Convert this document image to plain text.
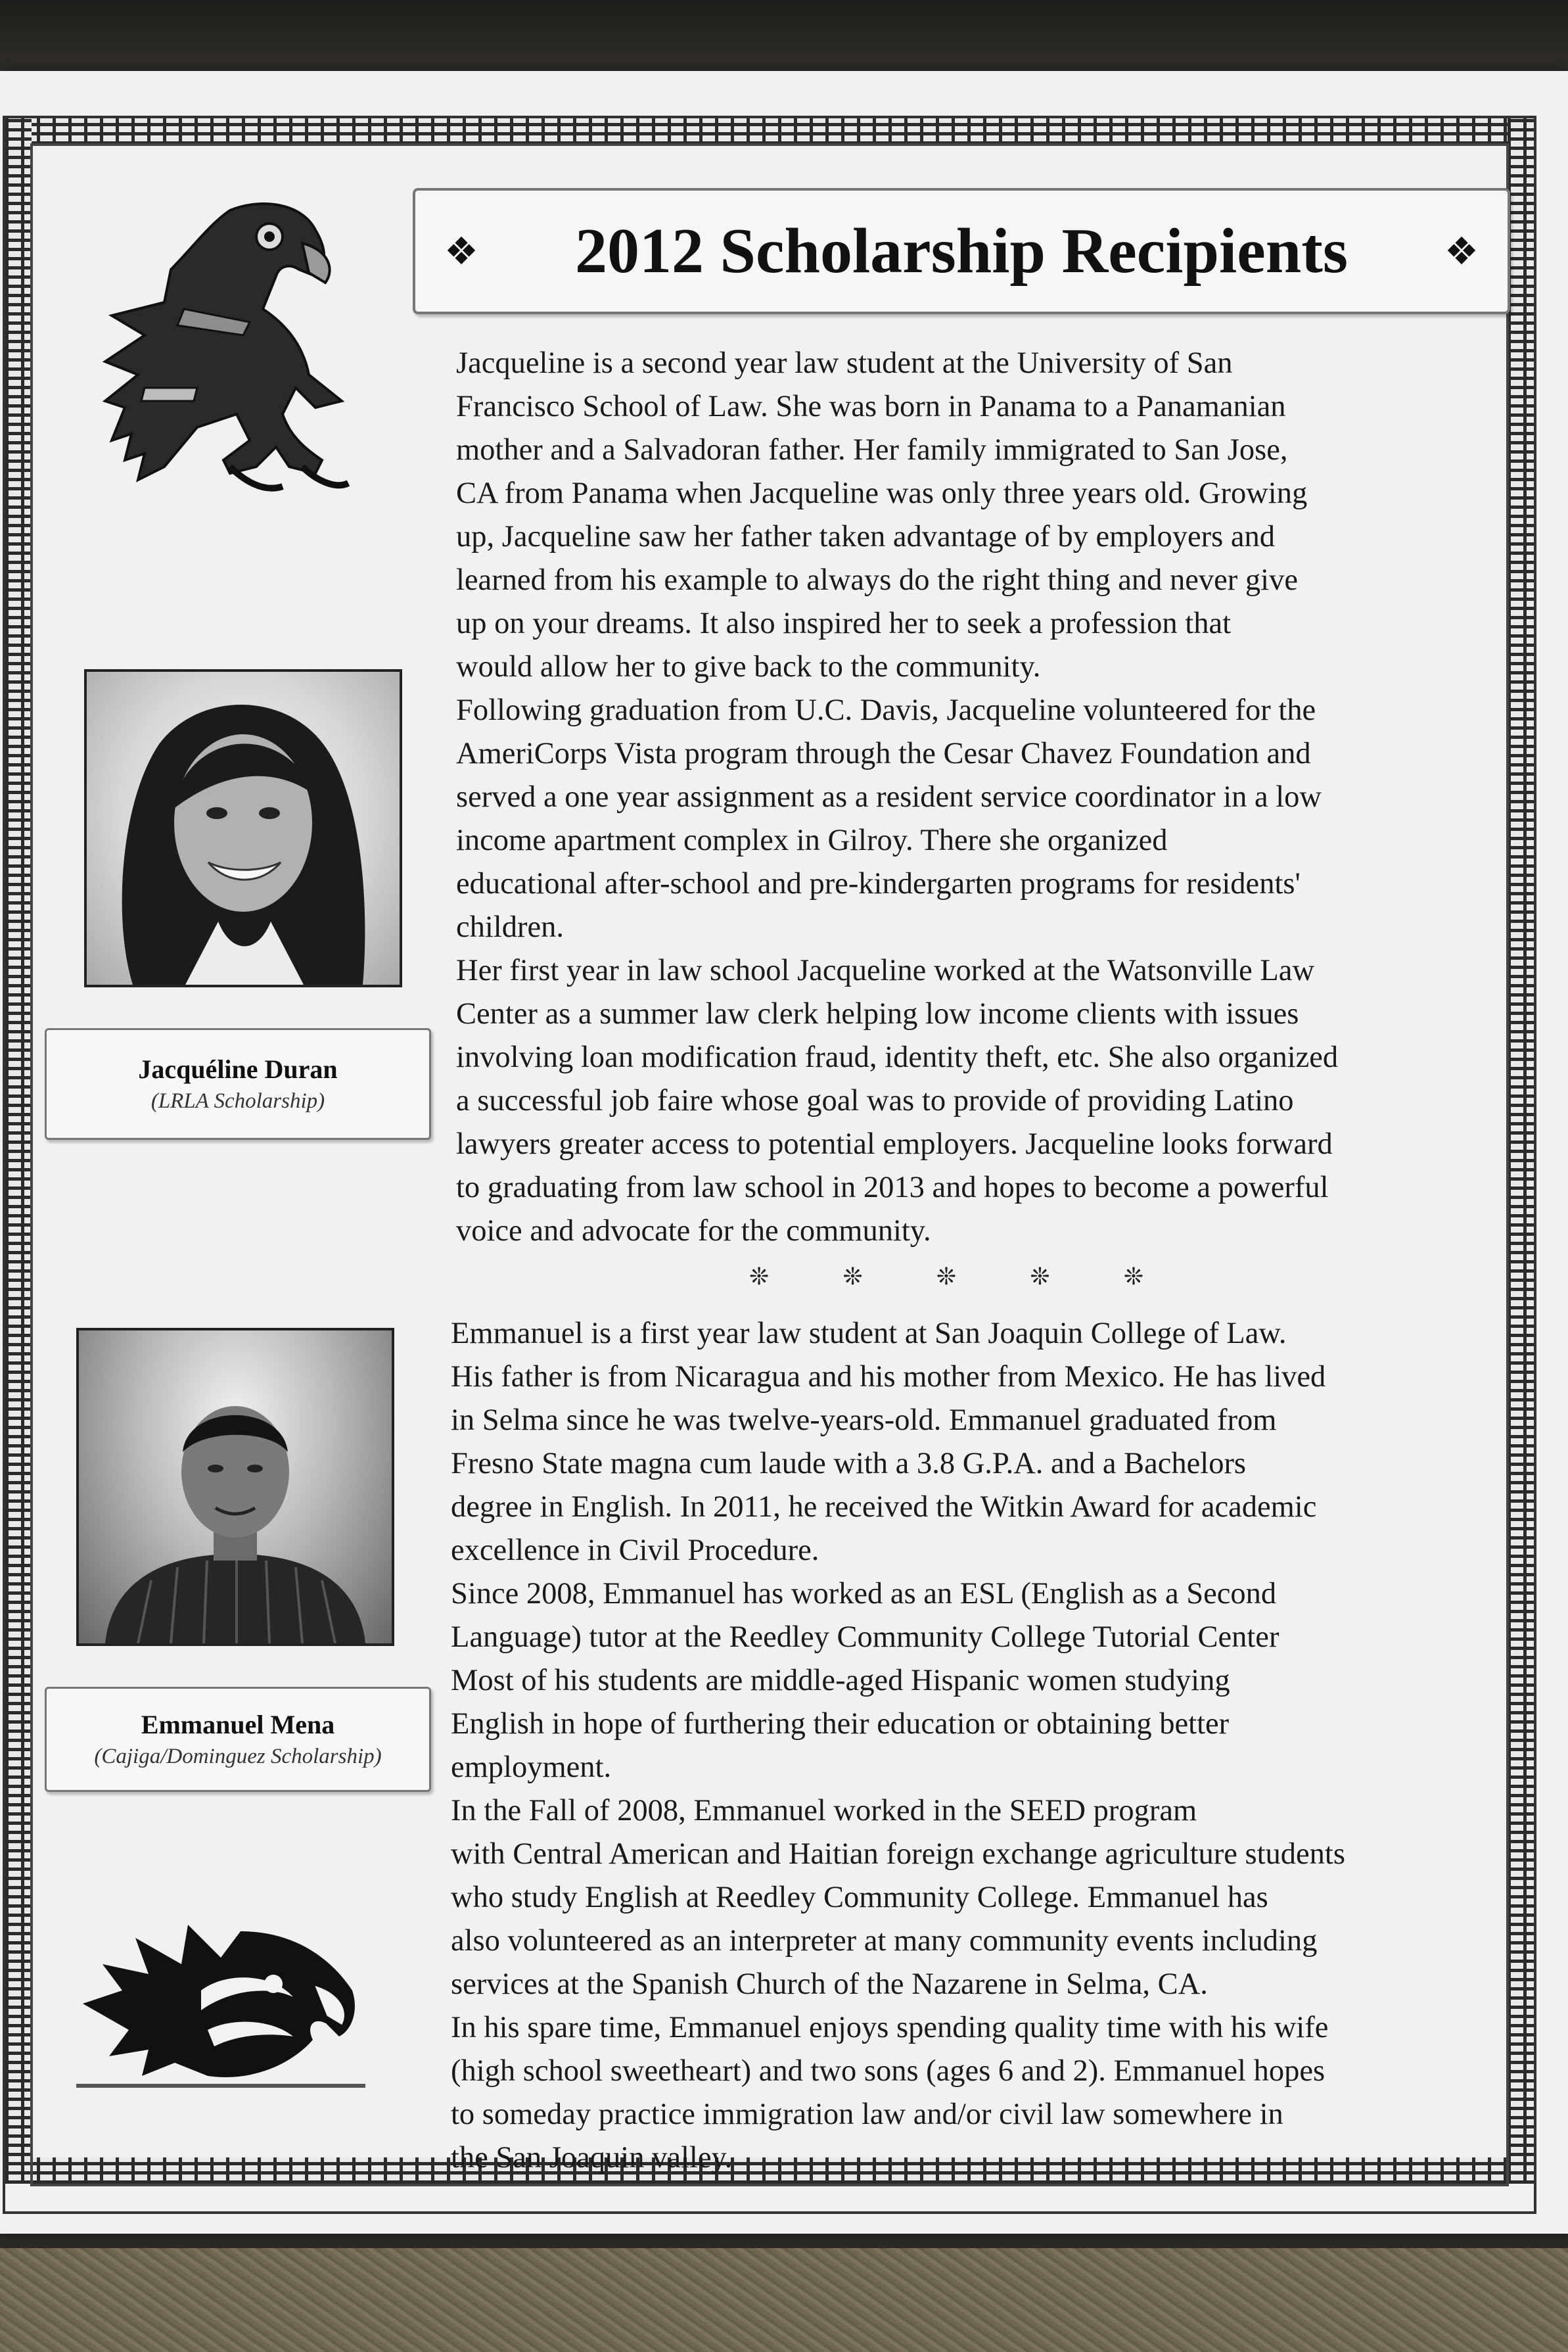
❖ 2012 Scholarship Recipients	❖
Jacqueline is a second year law student at the University of San
Francisco School of Law. She was born in Panama to a Panamanian
mother and a Salvadoran father. Her family immigrated to San Jose,
CA from Panama when Jacqueline was only three years old. Growing
up, Jacqueline saw her father taken advantage of by employers and
learned from his example to always do the right thing and never give
up on your dreams. It also inspired her to seek a profession that
would allow her to give back to the community.
Following graduation from U.C. Davis, Jacqueline volunteered for the
AmeriCorps Vista program through the Cesar Chavez Foundation and
served a one year assignment as a resident service coordinator in a low
income apartment complex in Gilroy. There she organized
educational after-school and pre-kindergarten programs for residents'
children.
Her first year in law school Jacqueline worked at the Watsonville Law
Center as a summer law clerk helping low income clients with issues
involving loan modification fraud, identity theft, etc. She also organized
a successful job faire whose goal was to provide of providing Latino
lawyers greater access to potential employers. Jacqueline looks forward
to graduating from law school in 2013 and hopes to become a powerful
voice and advocate for the community.
Jacquéline Duran
(LRLA Scholarship)
❊	❊	❊	❊	❊
Emmanuel is a first year law student at San Joaquin College of Law.
His father is from Nicaragua and his mother from Mexico. He has lived
in Selma since he was twelve-years-old. Emmanuel graduated from
Fresno State magna cum laude with a 3.8 G.P.A. and a Bachelors
degree in English. In 2011, he received the Witkin Award for academic
excellence in Civil Procedure.
Since 2008, Emmanuel has worked as an ESL (English as a Second
Language) tutor at the Reedley Community College Tutorial Center
Most of his students are middle-aged Hispanic women studying
English in hope of furthering their education or obtaining better
employment.
In the Fall of 2008, Emmanuel worked in the SEED program
with Central American and Haitian foreign exchange agriculture students
who study English at Reedley Community College. Emmanuel has
also volunteered as an interpreter at many community events including
services at the Spanish Church of the Nazarene in Selma, CA.
In his spare time, Emmanuel enjoys spending quality time with his wife
(high school sweetheart) and two sons (ages 6 and 2). Emmanuel hopes
to someday practice immigration law and/or civil law somewhere in
the San Joaquin valley.
Emmanuel Mena
(Cajiga/Dominguez Scholarship)
